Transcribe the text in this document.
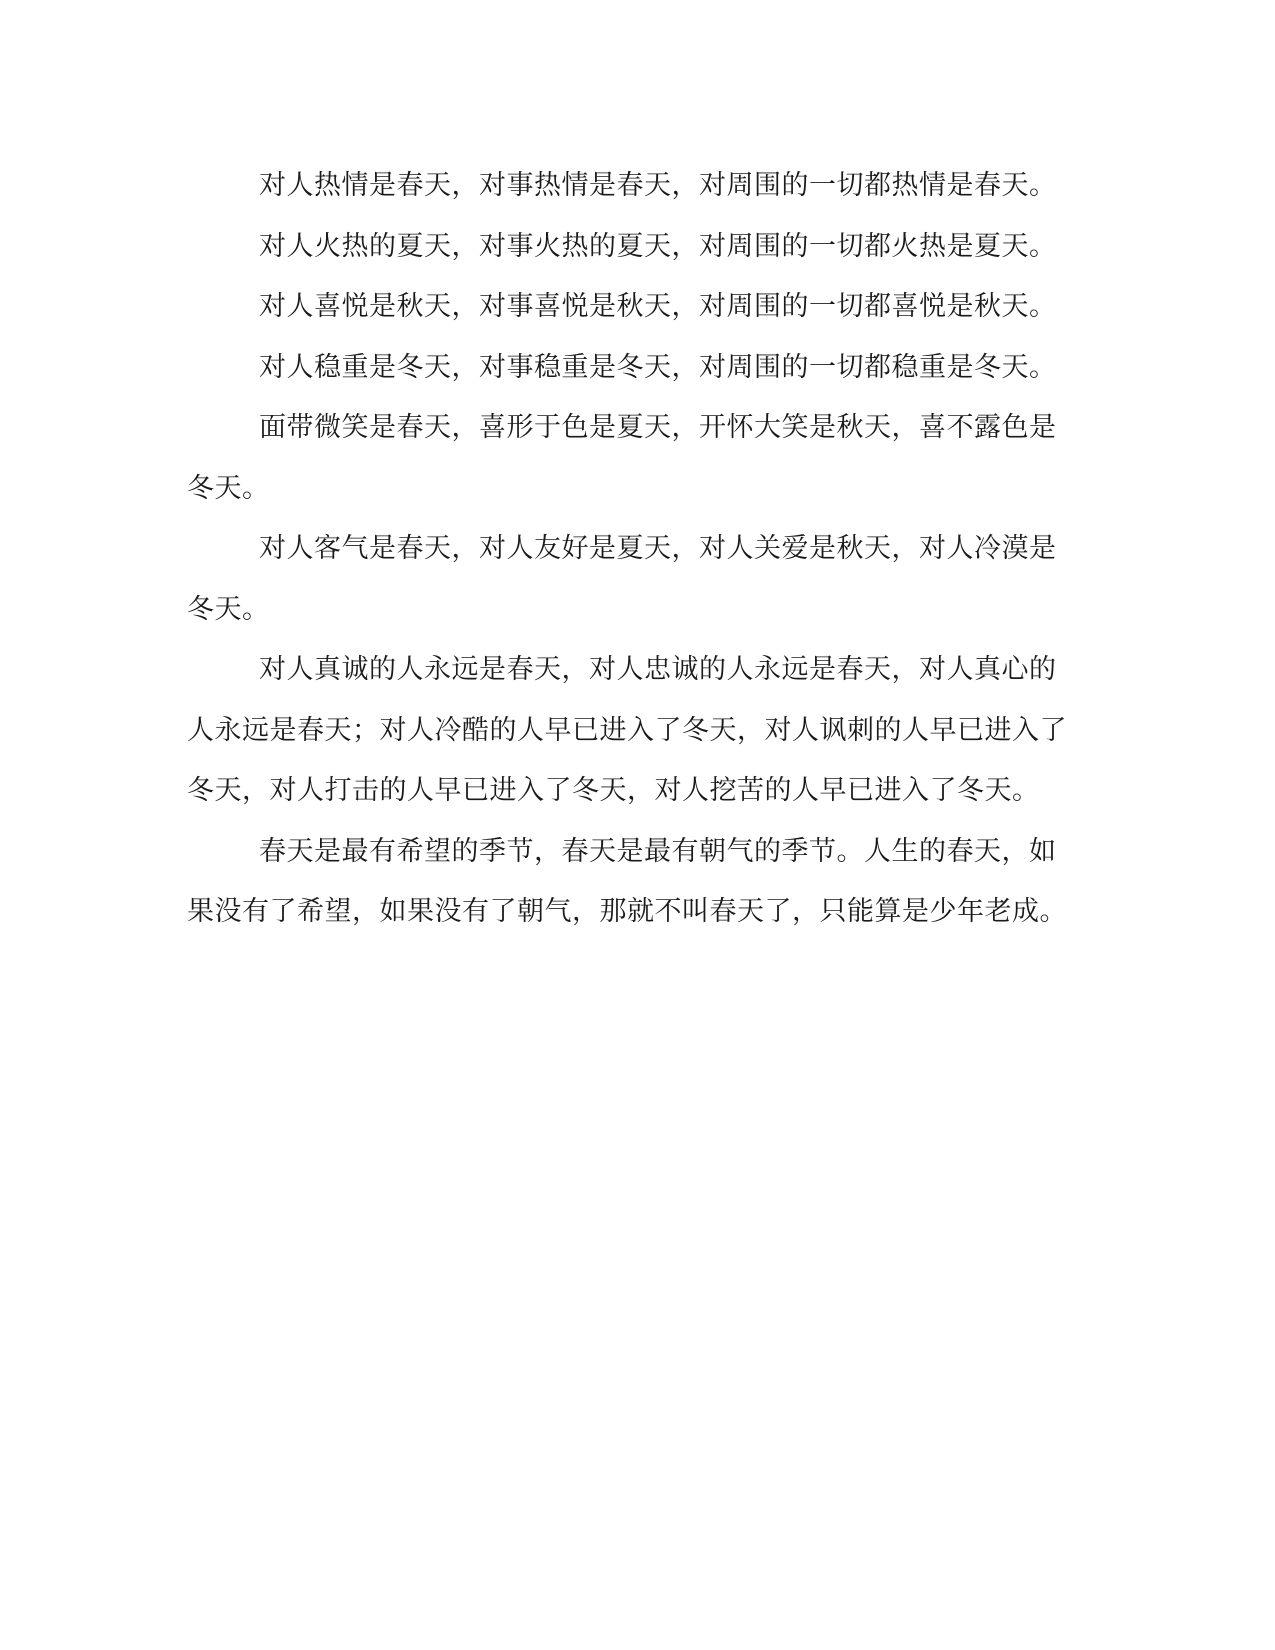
对人热情是春天，对事热情是春天，对周围的一切都热情是春天。

对人火热的夏天，对事火热的夏天，对周围的一切都火热是夏天。

对人喜悦是秋天，对事喜悦是秋天，对周围的一切都喜悦是秋天。

对人稳重是冬天，对事稳重是冬天，对周围的一切都稳重是冬天。

面带微笑是春天，喜形于色是夏天，开怀大笑是秋天，喜不露色是冬天。

对人客气是春天，对人友好是夏天，对人关爱是秋天，对人冷漠是冬天。

对人真诚的人永远是春天，对人忠诚的人永远是春天，对人真心的人永远是春天；对人冷酷的人早已进入了冬天，对人讽刺的人早已进入了冬天，对人打击的人早已进入了冬天，对人挖苦的人早已进入了冬天。

春天是最有希望的季节，春天是最有朝气的季节。人生的春天，如果没有了希望，如果没有了朝气，那就不叫春天了，只能算是少年老成。
